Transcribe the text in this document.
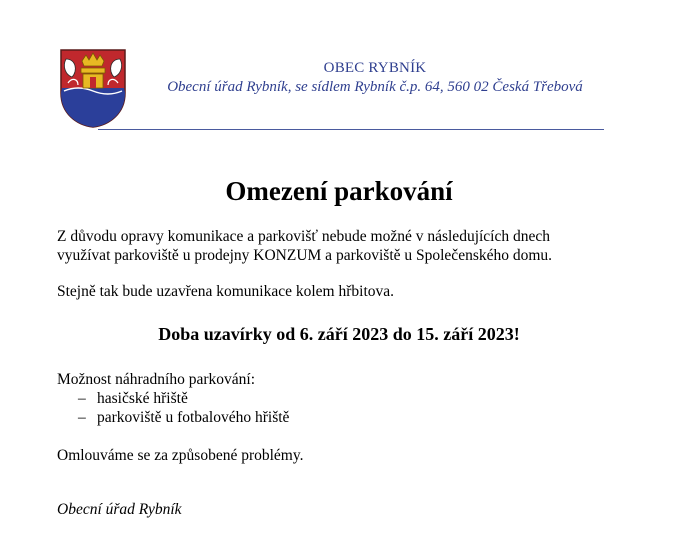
OBEC RYBNÍK
Obecní úřad Rybník, se sídlem Rybník č.p. 64, 560 02 Česká Třebová
Omezení parkování
Z důvodu opravy komunikace a parkovišť nebude možné v následujících dnech
využívat parkoviště u prodejny KONZUM a parkoviště u Společenského domu.
Stejně tak bude uzavřena komunikace kolem hřbitova.
Doba uzavírky od 6. září 2023 do 15. září 2023!
Možnost náhradního parkování:
– hasičské hřiště
– parkoviště u fotbalového hřiště
Omlouváme se za způsobené problémy.
Obecní úřad Rybník
